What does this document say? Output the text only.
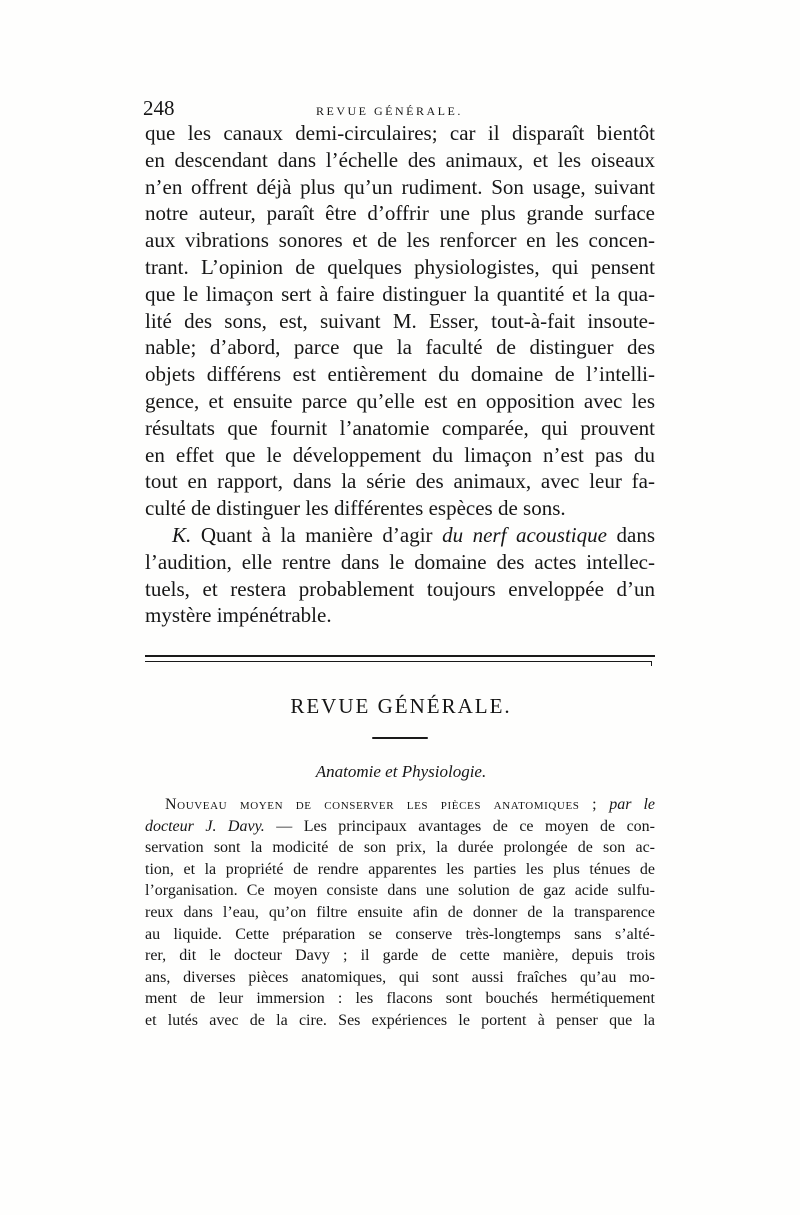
248	REVUE GÉNÉRALE.
que les canaux demi-circulaires; car il disparaît bientôt
en descendant dans l’échelle des animaux, et les oiseaux
n’en offrent déjà plus qu’un rudiment. Son usage, suivant
notre auteur, paraît être d’offrir une plus grande surface
aux vibrations sonores et de les renforcer en les concen-
trant. L’opinion de quelques physiologistes, qui pensent
que le limaçon sert à faire distinguer la quantité et la qua-
lité des sons, est, suivant M. Esser, tout-à-fait insoute-
nable; d’abord, parce que la faculté de distinguer des
objets différens est entièrement du domaine de l’intelli-
gence, et ensuite parce qu’elle est en opposition avec les
résultats que fournit l’anatomie comparée, qui prouvent
en effet que le développement du limaçon n’est pas du
tout en rapport, dans la série des animaux, avec leur fa-
culté de distinguer les différentes espèces de sons.
K. Quant à la manière d’agir du nerf acoustique dans
l’audition, elle rentre dans le domaine des actes intellec-
tuels, et restera probablement toujours enveloppée d’un
mystère impénétrable.
REVUE GÉNÉRALE.
Anatomie et Physiologie.
Nouveau moyen de conserver les pièces anatomiques ; par le
docteur J. Davy. — Les principaux avantages de ce moyen de con-
servation sont la modicité de son prix, la durée prolongée de son ac-
tion, et la propriété de rendre apparentes les parties les plus ténues de
l’organisation. Ce moyen consiste dans une solution de gaz acide sulfu-
reux dans l’eau, qu’on filtre ensuite afin de donner de la transparence
au liquide. Cette préparation se conserve très-longtemps sans s’alté-
rer, dit le docteur Davy ; il garde de cette manière, depuis trois
ans, diverses pièces anatomiques, qui sont aussi fraîches qu’au mo-
ment de leur immersion : les flacons sont bouchés hermétiquement
et lutés avec de la cire. Ses expériences le portent à penser que la
